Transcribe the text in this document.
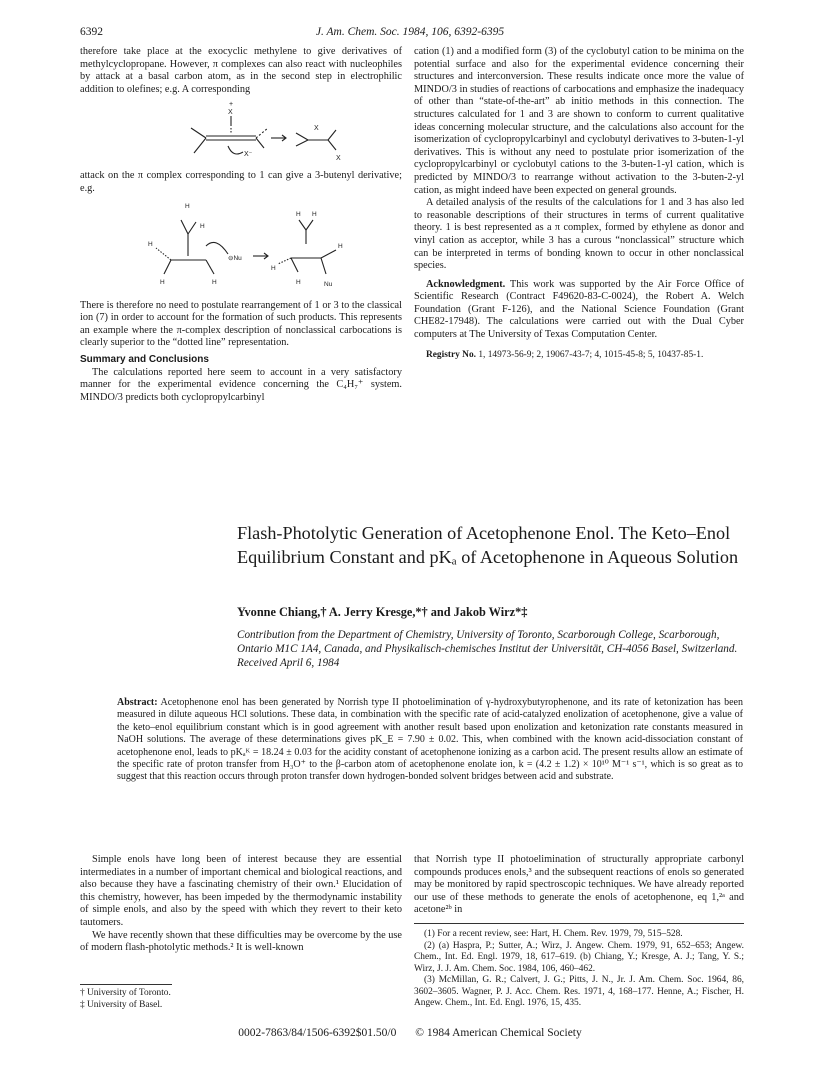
6392	J. Am. Chem. Soc. 1984, 106, 6392-6395

therefore take place at the exocyclic methylene to give derivatives of methylcyclopropane. However, π complexes can also react with nucleophiles by attack at a basal carbon atom, as in the second step in electrophilic addition to olefines; e.g. A corresponding

+
X
X⁻
X
X

attack on the π complex corresponding to 1 can give a 3-butenyl derivative; e.g.

H
H
H
H	H
⊖Nu
H H
H
H
H
Nu

There is therefore no need to postulate rearrangement of 1 or 3 to the classical ion (7) in order to account for the formation of such products. This represents an example where the π-complex description of nonclassical carbocations is clearly superior to the “dotted line” representation.

Summary and Conclusions

The calculations reported here seem to account in a very satisfactory manner for the experimental evidence concerning the C₄H₇⁺ system. MINDO/3 predicts both cyclopropylcarbinyl

cation (1) and a modified form (3) of the cyclobutyl cation to be minima on the potential surface and also for the experimental evidence concerning their structures and interconversion. These results indicate once more the value of MINDO/3 in studies of reactions of carbocations and emphasize the inadequacy of other than “state-of-the-art” ab initio methods in this connection. The structures calculated for 1 and 3 are shown to conform to current qualitative ideas concerning molecular structure, and the calculations also account for the isomerization of cyclopropylcarbinyl and cyclobutyl derivatives to 3-buten-1-yl derivatives. This is without any need to postulate prior isomerization of the cyclopropylcarbinyl or cyclobutyl cations to the 3-buten-1-yl cation, which is predicted by MINDO/3 to rearrange without activation to the 3-buten-2-yl cation, as might indeed have been expected on general grounds.

A detailed analysis of the results of the calculations for 1 and 3 has also led to reasonable descriptions of their structures in terms of current qualitative theory. 1 is best represented as a π complex, formed by ethylene as donor and vinyl cation as acceptor, while 3 has a curous “nonclassical” structure which can be interpreted in terms of bonding known to occur in other nonclassical species.

Acknowledgment. This work was supported by the Air Force Office of Scientific Research (Contract F49620-83-C-0024), the Robert A. Welch Foundation (Grant F-126), and the National Science Foundation (Grant CHE82-17948). The calculations were carried out with the Dual Cyber computers at The University of Texas Computation Center.

Registry No. 1, 14973-56-9; 2, 19067-43-7; 4, 1015-45-8; 5, 10437-85-1.

Flash-Photolytic Generation of Acetophenone Enol. The Keto–Enol Equilibrium Constant and pKₐ of Acetophenone in Aqueous Solution
Yvonne Chiang,† A. Jerry Kresge,*† and Jakob Wirz*‡
Contribution from the Department of Chemistry, University of Toronto, Scarborough College, Scarborough, Ontario M1C 1A4, Canada, and Physikalisch-chemisches Institut der Universität, CH-4056 Basel, Switzerland. Received April 6, 1984
Abstract: Acetophenone enol has been generated by Norrish type II photoelimination of γ-hydroxybutyrophenone, and its rate of ketonization has been measured in dilute aqueous HCl solutions. These data, in combination with the specific rate of acid-catalyzed enolization of acetophenone, give a value of the keto–enol equilibrium constant which is in good agreement with another result based upon enolization and ketonization rate constants measured in NaOH solutions. The average of these determinations gives pK_E = 7.90 ± 0.02. This, when combined with the known acid-dissociation constant of acetophenone enol, leads to pKₐᴷ = 18.24 ± 0.03 for the acidity constant of acetophenone ionizing as a carbon acid. The present results allow an estimate of the specific rate of proton transfer from H₃O⁺ to the β-carbon atom of acetophenone enolate ion, k = (4.2 ± 1.2) × 10¹⁰ M⁻¹ s⁻¹, which is so great as to suggest that this reaction occurs through proton transfer down hydrogen-bonded solvent bridges between acid and substrate.

Simple enols have long been of interest because they are essential intermediates in a number of important chemical and biological reactions, and also because they have a fascinating chemistry of their own.¹ Elucidation of this chemistry, however, has been impeded by the thermodynamic instability of simple enols, and also by the speed with which they revert to their keto tautomers.

We have recently shown that these difficulties may be overcome by the use of modern flash-photolytic methods.² It is well-known

that Norrish type II photoelimination of structurally appropriate carbonyl compounds produces enols,³ and the subsequent reactions of enols so generated may be monitored by rapid spectroscopic techniques. We have already reported our use of these methods to generate the enols of acetophenone, eq 1,²ᵃ and acetone²ᵇ in

(1) For a recent review, see: Hart, H. Chem. Rev. 1979, 79, 515–528.

(2) (a) Haspra, P.; Sutter, A.; Wirz, J. Angew. Chem. 1979, 91, 652–653; Angew. Chem., Int. Ed. Engl. 1979, 18, 617–619. (b) Chiang, Y.; Kresge, A. J.; Tang, Y. S.; Wirz, J. J. Am. Chem. Soc. 1984, 106, 460–462.

(3) McMillan, G. R.; Calvert, J. G.; Pitts, J. N., Jr. J. Am. Chem. Soc. 1964, 86, 3602–3605. Wagner, P. J. Acc. Chem. Res. 1971, 4, 168–177. Henne, A.; Fischer, H. Angew. Chem., Int. Ed. Engl. 1976, 15, 435.

† University of Toronto.
‡ University of Basel.
0002-7863/84/1506-6392$01.50/0 © 1984 American Chemical Society
